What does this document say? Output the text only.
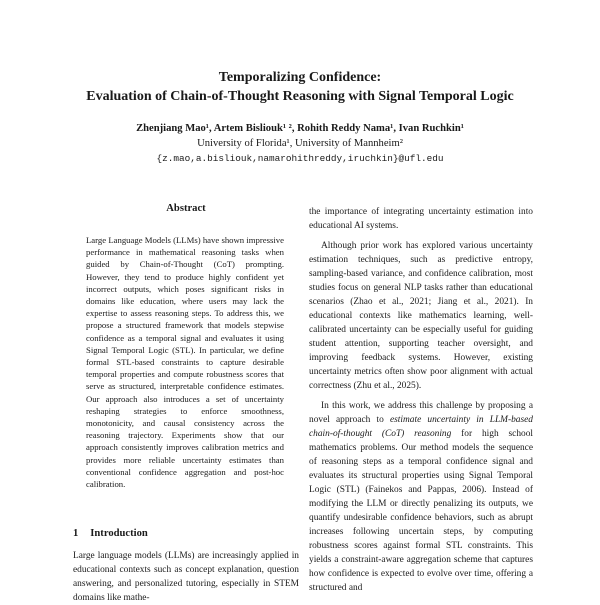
Temporalizing Confidence:
Evaluation of Chain-of-Thought Reasoning with Signal Temporal Logic
Zhenjiang Mao¹, Artem Bisliouk¹ ², Rohith Reddy Nama¹, Ivan Ruchkin¹
University of Florida¹, University of Mannheim²
{z.mao,a.bisliouk,namarohithreddy,iruchkin}@ufl.edu
Abstract

Large Language Models (LLMs) have shown impressive performance in mathematical reasoning tasks when guided by Chain-of-Thought (CoT) prompting. However, they tend to produce highly confident yet incorrect outputs, which poses significant risks in domains like education, where users may lack the expertise to assess reasoning steps. To address this, we propose a structured framework that models stepwise confidence as a temporal signal and evaluates it using Signal Temporal Logic (STL). In particular, we define formal STL-based constraints to capture desirable temporal properties and compute robustness scores that serve as structured, interpretable confidence estimates. Our approach also introduces a set of uncertainty reshaping strategies to enforce smoothness, monotonicity, and causal consistency across the reasoning trajectory. Experiments show that our approach consistently improves calibration metrics and provides more reliable uncertainty estimates than conventional confidence aggregation and post-hoc calibration.

1 Introduction

Large language models (LLMs) are increasingly applied in educational contexts such as concept explanation, question answering, and personalized tutoring, especially in STEM domains like mathe-

the importance of integrating uncertainty estimation into educational AI systems.

Although prior work has explored various uncertainty estimation techniques, such as predictive entropy, sampling-based variance, and confidence calibration, most studies focus on general NLP tasks rather than educational scenarios (Zhao et al., 2021; Jiang et al., 2021). In educational contexts like mathematics learning, well-calibrated uncertainty can be especially useful for guiding student attention, supporting teacher oversight, and improving feedback systems. However, existing uncertainty metrics often show poor alignment with actual correctness (Zhu et al., 2025).

In this work, we address this challenge by proposing a novel approach to estimate uncertainty in LLM-based chain-of-thought (CoT) reasoning for high school mathematics problems. Our method models the sequence of reasoning steps as a temporal confidence signal and evaluates its structural properties using Signal Temporal Logic (STL) (Fainekos and Pappas, 2006). Instead of modifying the LLM or directly penalizing its outputs, we quantify undesirable confidence behaviors, such as abrupt increases following uncertain steps, by computing robustness scores against formal STL constraints. This yields a constraint-aware aggregation scheme that captures how confidence is expected to evolve over time, offering a structured and
